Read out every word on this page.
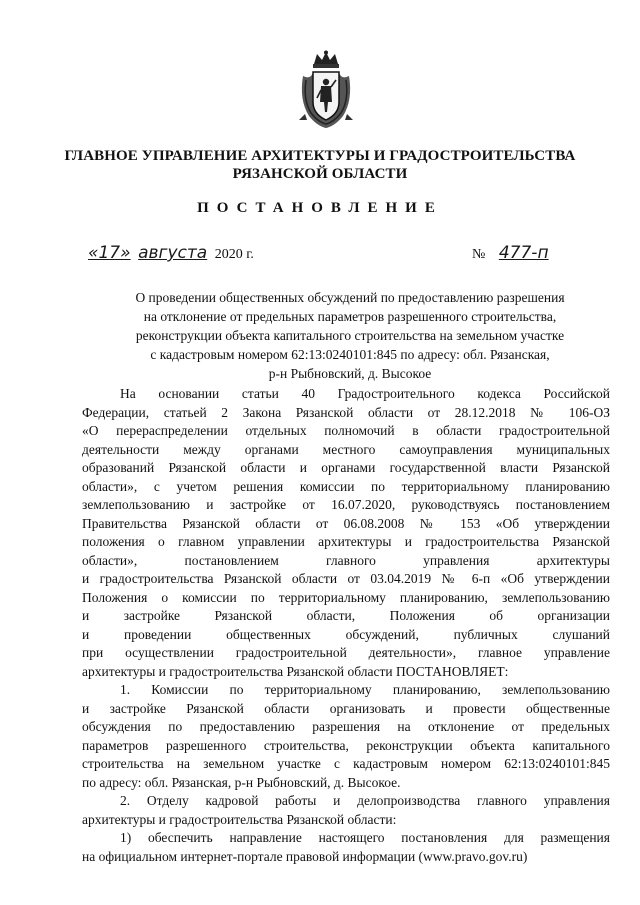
ГЛАВНОЕ УПРАВЛЕНИЕ АРХИТЕКТУРЫ И ГРАДОСТРОИТЕЛЬСТВА
РЯЗАНСКОЙ ОБЛАСТИ
ПОСТАНОВЛЕНИЕ
«17» августа 2020 г.	№ 477-п
О проведении общественных обсуждений по предоставлению разрешения
на отклонение от предельных параметров разрешенного строительства,
реконструкции объекта капитального строительства на земельном участке
с кадастровым номером 62:13:0240101:845 по адресу: обл. Рязанская,
р-н Рыбновский, д. Высокое
На основании статьи 40 Градостроительного кодекса Российской
Федерации, статьей 2 Закона Рязанской области от 28.12.2018 № 106-ОЗ
«О перераспределении отдельных полномочий в области градостроительной
деятельности между органами местного самоуправления муниципальных
образований Рязанской области и органами государственной власти Рязанской
области», с учетом решения комиссии по территориальному планированию
землепользованию и застройке от 16.07.2020, руководствуясь постановлением
Правительства Рязанской области от 06.08.2008 № 153 «Об утверждении
положения о главном управлении архитектуры и градостроительства Рязанской
области», постановлением главного управления архитектуры
и градостроительства Рязанской области от 03.04.2019 № 6-п «Об утверждении
Положения о комиссии по территориальному планированию, землепользованию
и застройке Рязанской области, Положения об организации
и проведении общественных обсуждений, публичных слушаний
при осуществлении градостроительной деятельности», главное управление
архитектуры и градостроительства Рязанской области ПОСТАНОВЛЯЕТ:
1. Комиссии по территориальному планированию, землепользованию
и застройке Рязанской области организовать и провести общественные
обсуждения по предоставлению разрешения на отклонение от предельных
параметров разрешенного строительства, реконструкции объекта капитального
строительства на земельном участке с кадастровым номером 62:13:0240101:845
по адресу: обл. Рязанская, р-н Рыбновский, д. Высокое.
2. Отделу кадровой работы и делопроизводства главного управления
архитектуры и градостроительства Рязанской области:
1) обеспечить направление настоящего постановления для размещения
на официальном интернет-портале правовой информации (www.pravo.gov.ru)
